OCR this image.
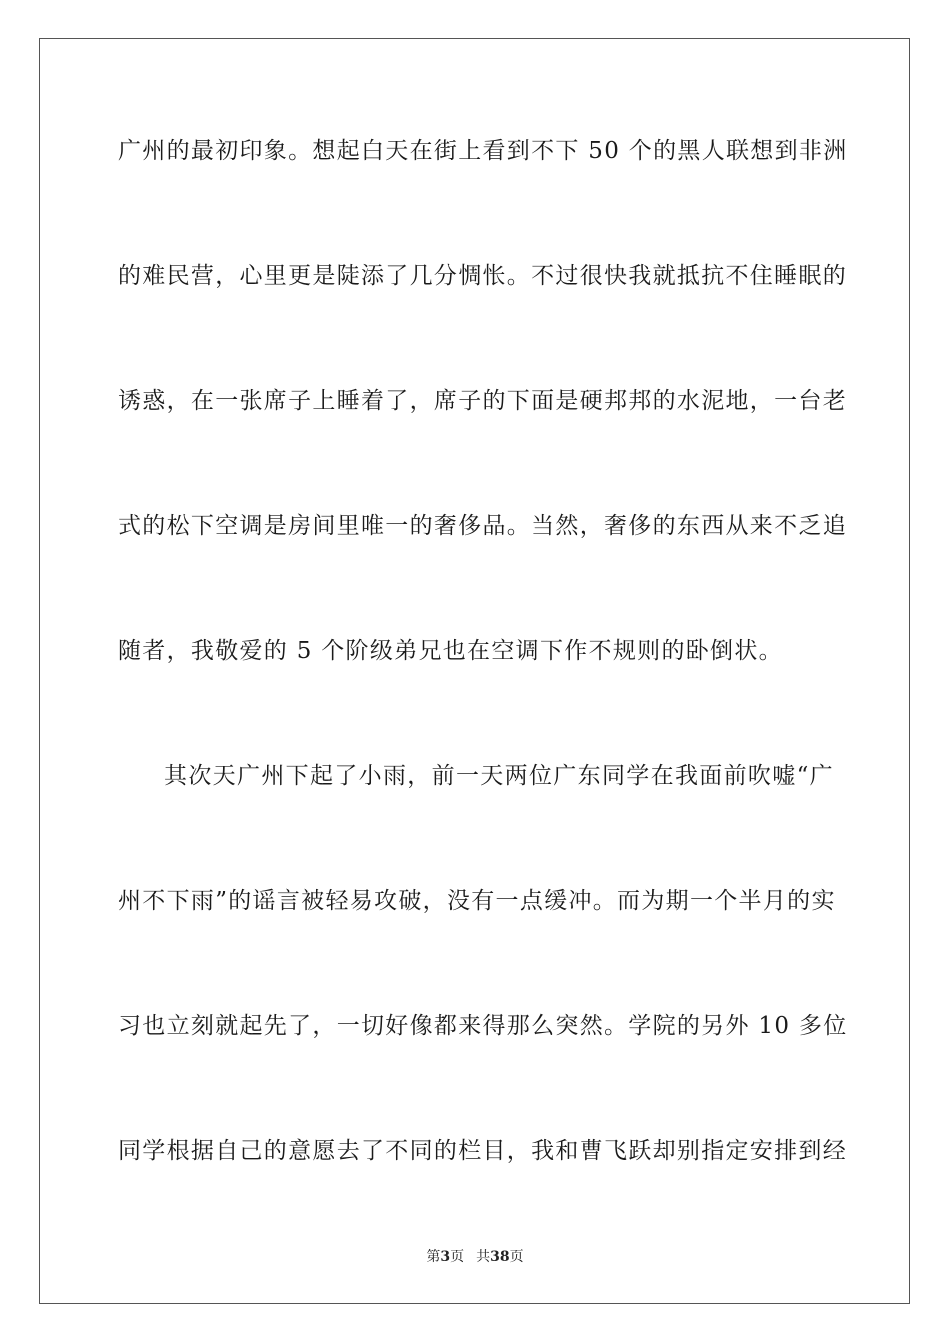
广州的最初印象。想起白天在街上看到不下 50 个的黑人联想到非洲
的难民营，心里更是陡添了几分惆怅。不过很快我就抵抗不住睡眠的
诱惑，在一张席子上睡着了，席子的下面是硬邦邦的水泥地，一台老
式的松下空调是房间里唯一的奢侈品。当然，奢侈的东西从来不乏追
随者，我敬爱的 5 个阶级弟兄也在空调下作不规则的卧倒状。
其次天广州下起了小雨，前一天两位广东同学在我面前吹嘘“广
州不下雨”的谣言被轻易攻破，没有一点缓冲。而为期一个半月的实
习也立刻就起先了，一切好像都来得那么突然。学院的另外 10 多位
同学根据自己的意愿去了不同的栏目，我和曹飞跃却别指定安排到经
第3页 共38页
